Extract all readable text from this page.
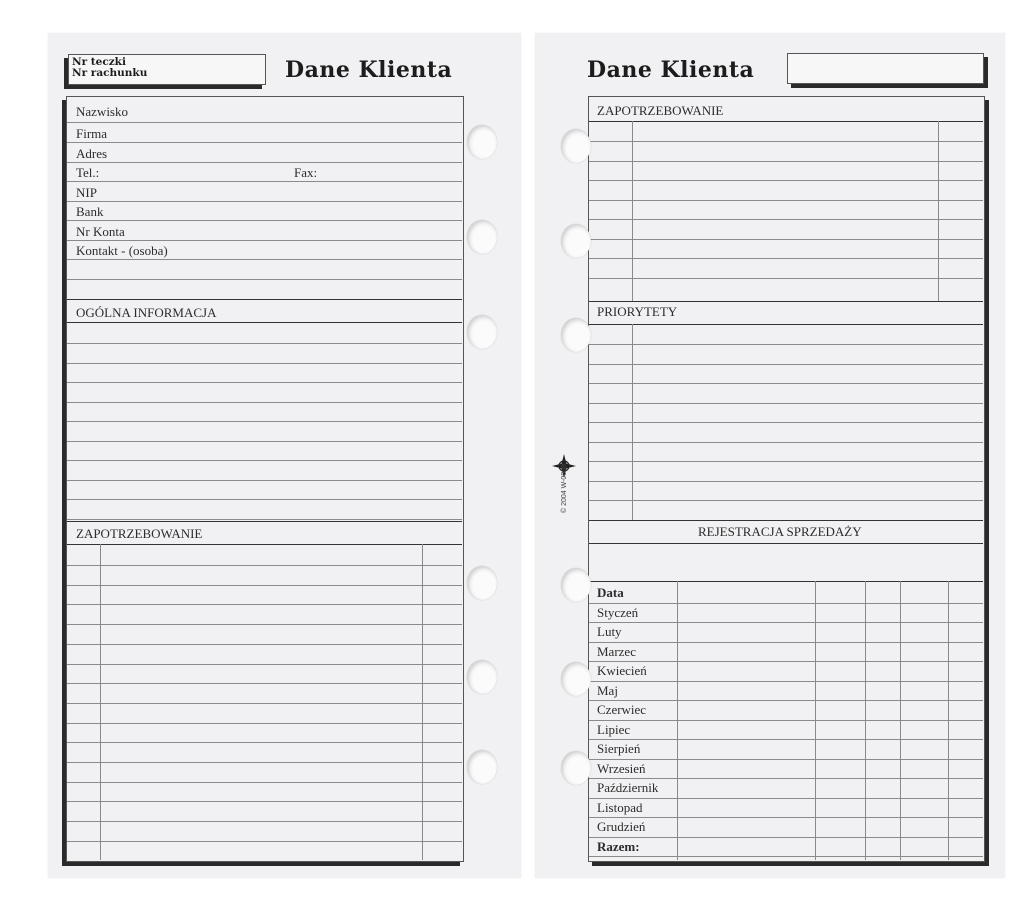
Nr teczki
Nr rachunku	Dane Klienta
Nazwisko
Firma
Adres
Tel.:	Fax:
NIP
Bank
Nr Konta
Kontakt - (osoba)
OGÓLNA INFORMACJA
ZAPOTRZEBOWANIE
Dane Klienta
ZAPOTRZEBOWANIE
PRIORYTETY
REJESTRACJA SPRZEDAŻY
Data
Styczeń
Luty
Marzec
Kwiecień
Maj
Czerwiec
Lipiec
Sierpień
Wrzesień
Październik
Listopad
Grudzień
Razem:
© 2004 W-0008
